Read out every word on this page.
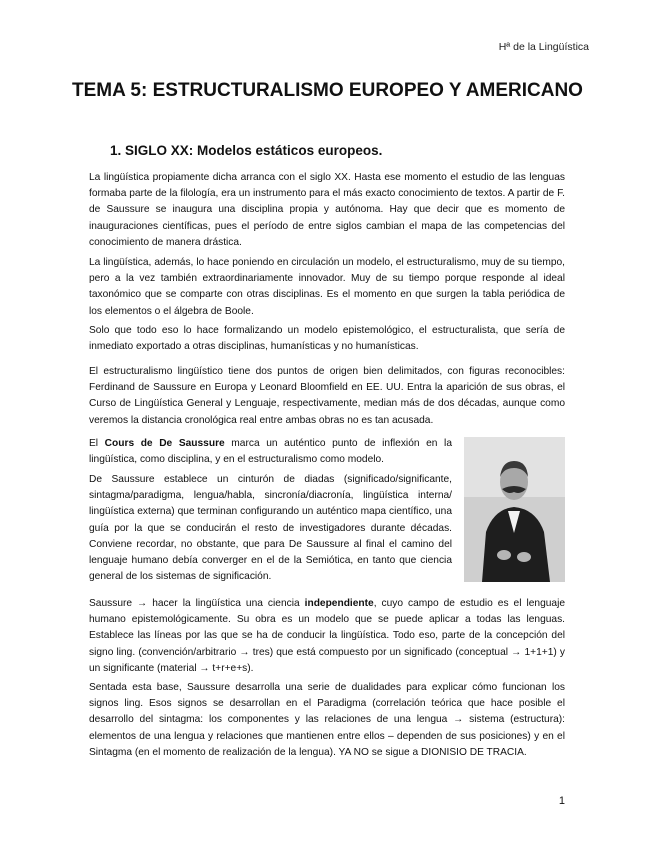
Hª de la Lingüística
TEMA 5: ESTRUCTURALISMO EUROPEO Y AMERICANO
1. SIGLO XX: Modelos estáticos europeos.

La lingüística propiamente dicha arranca con el siglo XX. Hasta ese momento el estudio de las lenguas formaba parte de la filología, era un instrumento para el más exacto conocimiento de textos. A partir de F. de Saussure se inaugura una disciplina propia y autónoma. Hay que decir que es momento de inauguraciones científicas, pues el período de entre siglos cambian el mapa de las competencias del conocimiento de manera drástica.

La lingüística, además, lo hace poniendo en circulación un modelo, el estructuralismo, muy de su tiempo, pero a la vez también extraordinariamente innovador. Muy de su tiempo porque responde al ideal taxonómico que se comparte con otras disciplinas. Es el momento en que surgen la tabla periódica de los elementos o el álgebra de Boole.

Solo que todo eso lo hace formalizando un modelo epistemológico, el estructuralista, que sería de inmediato exportado a otras disciplinas, humanísticas y no humanísticas.

El estructuralismo lingüístico tiene dos puntos de origen bien delimitados, con figuras reconocibles: Ferdinand de Saussure en Europa y Leonard Bloomfield en EE. UU. Entra la aparición de sus obras, el Curso de Lingüística General y Lenguaje, respectivamente, median más de dos décadas, aunque como veremos la distancia cronológica real entre ambas obras no es tan acusada.

El Cours de De Saussure marca un auténtico punto de inflexión en la lingüística, como disciplina, y en el estructuralismo como modelo.

De Saussure establece un cinturón de diadas (significado/significante, sintagma/paradigma, lengua/habla, sincronía/diacronía, lingüística interna/ lingüística externa) que terminan configurando un auténtico mapa científico, una guía por la que se conducirán el resto de investigadores durante décadas. Conviene recordar, no obstante, que para De Saussure al final el camino del lenguaje humano debía converger en el de la Semiótica, en tanto que ciencia general de los sistemas de significación.

Saussure → hacer la lingüística una ciencia independiente, cuyo campo de estudio es el lenguaje humano epistemológicamente. Su obra es un modelo que se puede aplicar a todas las lenguas. Establece las líneas por las que se ha de conducir la lingüística. Todo eso, parte de la concepción del signo ling. (convención/arbitrario → tres) que está compuesto por un significado (conceptual → 1+1+1) y un significante (material → t+r+e+s).

Sentada esta base, Saussure desarrolla una serie de dualidades para explicar cómo funcionan los signos ling. Esos signos se desarrollan en el Paradigma (correlación teórica que hace posible el desarrollo del sintagma: los componentes y las relaciones de una lengua → sistema (estructura): elementos de una lengua y relaciones que mantienen entre ellos – dependen de sus posiciones) y en el Sintagma (en el momento de realización de la lengua). YA NO se sigue a DIONISIO DE TRACIA.

1
